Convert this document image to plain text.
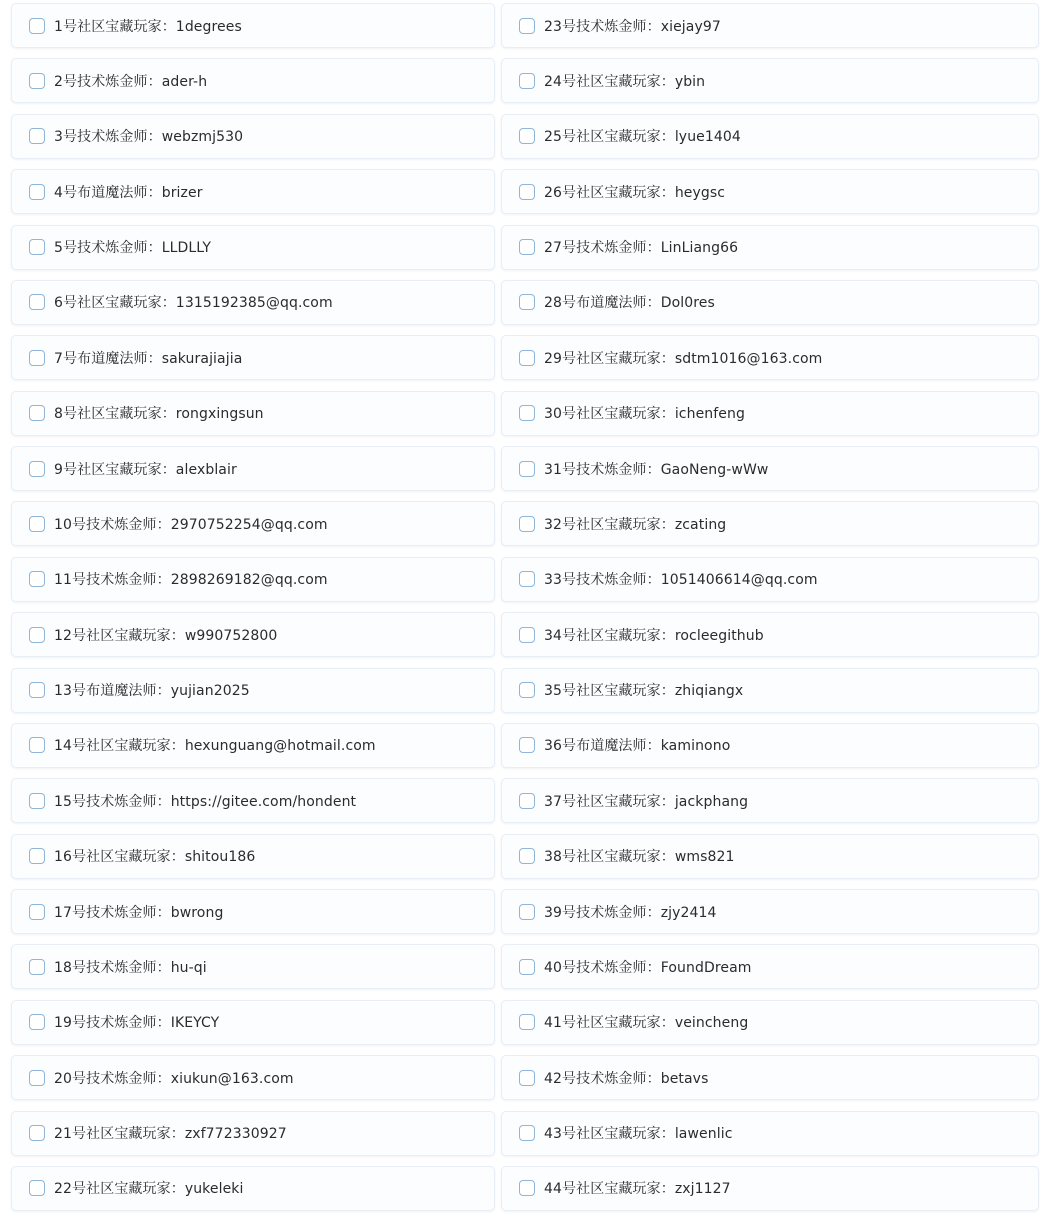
1号社区宝藏玩家：1degrees
2号技术炼金师：ader-h
3号技术炼金师：webzmj530
4号布道魔法师：brizer
5号技术炼金师：LLDLLY
6号社区宝藏玩家：1315192385@qq.com
7号布道魔法师：sakurajiajia
8号社区宝藏玩家：rongxingsun
9号社区宝藏玩家：alexblair
10号技术炼金师：2970752254@qq.com
11号技术炼金师：2898269182@qq.com
12号社区宝藏玩家：w990752800
13号布道魔法师：yujian2025
14号社区宝藏玩家：hexunguang@hotmail.com
15号技术炼金师：https://gitee.com/hondent
16号社区宝藏玩家：shitou186
17号技术炼金师：bwrong
18号技术炼金师：hu-qi
19号技术炼金师：IKEYCY
20号技术炼金师：xiukun@163.com
21号社区宝藏玩家：zxf772330927
22号社区宝藏玩家：yukeleki
23号技术炼金师：xiejay97
24号社区宝藏玩家：ybin
25号社区宝藏玩家：lyue1404
26号社区宝藏玩家：heygsc
27号技术炼金师：LinLiang66
28号布道魔法师：Dol0res
29号社区宝藏玩家：sdtm1016@163.com
30号社区宝藏玩家：ichenfeng
31号技术炼金师：GaoNeng-wWw
32号社区宝藏玩家：zcating
33号技术炼金师：1051406614@qq.com
34号社区宝藏玩家：rocleegithub
35号社区宝藏玩家：zhiqiangx
36号布道魔法师：kaminono
37号社区宝藏玩家：jackphang
38号社区宝藏玩家：wms821
39号技术炼金师：zjy2414
40号技术炼金师：FoundDream
41号社区宝藏玩家：veincheng
42号技术炼金师：betavs
43号社区宝藏玩家：lawenlic
44号社区宝藏玩家：zxj1127
